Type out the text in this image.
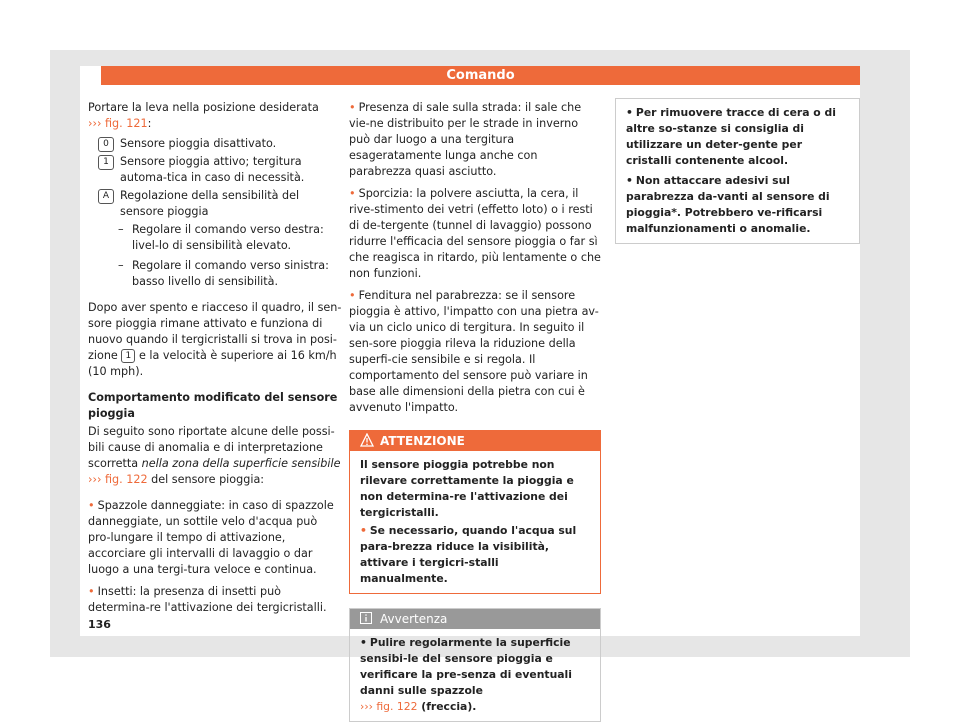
Comando

Portare la leva nella posizione desiderata
››› fig. 121:

0 Sensore pioggia disattivato.
1 Sensore pioggia attivo; tergitura automa-tica in caso di necessità.
A Regolazione della sensibilità del sensore pioggia
– Regolare il comando verso destra: livel-lo di sensibilità elevato.
– Regolare il comando verso sinistra: basso livello di sensibilità.

Dopo aver spento e riacceso il quadro, il sen-sore pioggia rimane attivato e funziona di nuovo quando il tergicristalli si trova in posi-zione 1 e la velocità è superiore ai 16 km/h (10 mph).

Comportamento modificato del sensore pioggia

Di seguito sono riportate alcune delle possi-bili cause di anomalia e di interpretazione scorretta nella zona della superficie sensibile
››› fig. 122 del sensore pioggia:

• Spazzole danneggiate: in caso di spazzole danneggiate, un sottile velo d'acqua può pro-lungare il tempo di attivazione, accorciare gli intervalli di lavaggio o dar luogo a una tergi-tura veloce e continua.

• Insetti: la presenza di insetti può determina-re l'attivazione dei tergicristalli.

• Presenza di sale sulla strada: il sale che vie-ne distribuito per le strade in inverno può dar luogo a una tergitura esageratamente lunga anche con parabrezza quasi asciutto.

• Sporcizia: la polvere asciutta, la cera, il rive-stimento dei vetri (effetto loto) o i resti di de-tergente (tunnel di lavaggio) possono ridurre l'efficacia del sensore pioggia o far sì che reagisca in ritardo, più lentamente o che non funzioni.

• Fenditura nel parabrezza: se il sensore pioggia è attivo, l'impatto con una pietra av-via un ciclo unico di tergitura. In seguito il sen-sore pioggia rileva la riduzione della superfi-cie sensibile e si regola. Il comportamento del sensore può variare in base alle dimensioni della pietra con cui è avvenuto l'impatto.

ATTENZIONE
Il sensore pioggia potrebbe non rilevare correttamente la pioggia e non determina-re l'attivazione dei tergicristalli.
• Se necessario, quando l'acqua sul para-brezza riduce la visibilità, attivare i tergicri-stalli manualmente.
Avvertenza
• Pulire regolarmente la superficie sensibi-le del sensore pioggia e verificare la pre-senza di eventuali danni sulle spazzole
››› fig. 122 (freccia).
• Per rimuovere tracce di cera o di altre so-stanze si consiglia di utilizzare un deter-gente per cristalli contenente alcool.
• Non attaccare adesivi sul parabrezza da-vanti al sensore di pioggia*. Potrebbero ve-rificarsi malfunzionamenti o anomalie.
136
